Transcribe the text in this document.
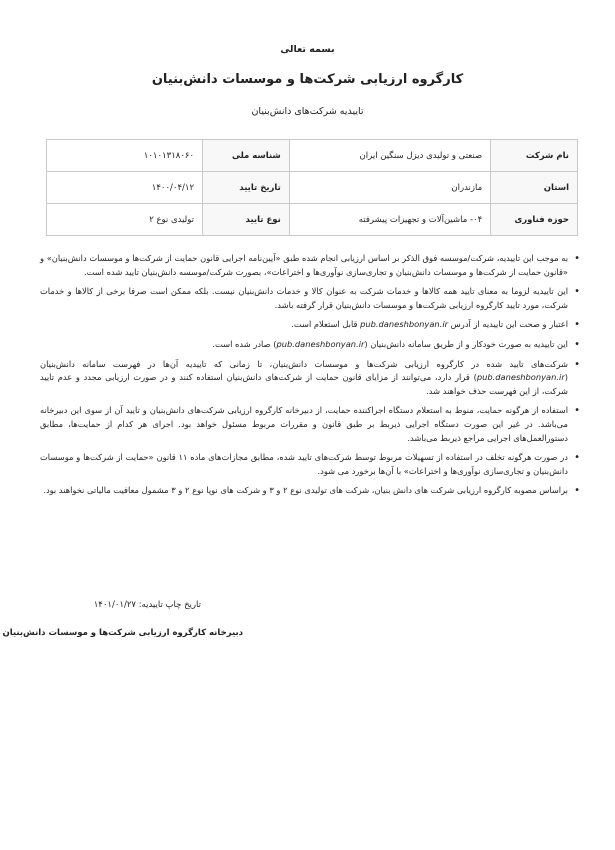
بسمه تعالی
کارگروه ارزیابی شرکت‌ها و موسسات دانش‌بنیان
تاییدیه شرکت‌های دانش‌بنیان
نام شرکت	صنعتی و تولیدی دیزل سنگین ایران	شناسه ملی	۱۰۱۰۱۳۱۸۰۶۰
استان	مازندران	تاریخ تایید	۱۴۰۰/۰۴/۱۲
حوزه فناوری	۰۴- ماشین‌آلات و تجهیزات پیشرفته	نوع تایید	تولیدی نوع ۲
• به موجب این تاییدیه، شرکت/موسسه فوق الذکر بر اساس ارزیابی انجام شده طبق «آیین‌نامه اجرایی قانون حمایت از شرکت‌ها و موسسات دانش‌بنیان» و «قانون حمایت از شرکت‌ها و موسسات دانش‌بنیان و تجاری‌سازی نوآوری‌ها و اختراعات»، بصورت شرکت/موسسه دانش‌بنیان تایید شده است.
• این تاییدیه لزوما به معنای تایید همه کالاها و خدمات شرکت به عنوان کالا و خدمات دانش‌بنیان نیست. بلکه ممکن است صرفا برخی از کالاها و خدمات شرکت، مورد تایید کارگروه ارزیابی شرکت‌ها و موسسات دانش‌بنیان قرار گرفته باشد.
• اعتبار و صحت این تاییدیه از آدرس pub.daneshbonyan.ir قابل استعلام است.
• این تاییدیه به صورت خودکار و از طریق سامانه دانش‌بنیان (pub.daneshbonyan.ir) صادر شده است.
• شرکت‌های تایید شده در کارگروه ارزیابی شرکت‌ها و موسسات دانش‌بنیان، تا زمانی که تاییدیه آن‌ها در فهرست سامانه دانش‌بنیان (pub.daneshbonyan.ir) قرار دارد، می‌توانند از مزایای قانون حمایت از شرکت‌های دانش‌بنیان استفاده کنند و در صورت ارزیابی مجدد و عدم تایید شرکت، از این فهرست حذف خواهند شد.
• استفاده از هرگونه حمایت، منوط به استعلام دستگاه اجراکننده حمایت، از دبیرخانه کارگروه ارزیابی شرکت‌های دانش‌بنیان و تایید آن از سوی این دبیرخانه می‌باشد. در غیر این صورت دستگاه اجرایی ذیربط بر طبق قانون و مقررات مربوط مسئول خواهد بود. اجرای هر کدام از حمایت‌ها، مطابق دستورالعمل‌های اجرایی مراجع ذیربط می‌باشد.
• در صورت هرگونه تخلف در استفاده از تسهیلات مربوط توسط شرکت‌های تایید شده، مطابق مجازات‌های ماده ۱۱ قانون «حمایت از شرکت‌ها و موسسات دانش‌بنیان و تجاری‌سازی نوآوری‌ها و اختراعات» با آن‌ها برخورد می شود.
• براساس مصوبه کارگروه ارزیابی شرکت های دانش بنیان، شرکت های تولیدی نوع ۲ و ۳ و شرکت های نوپا نوع ۲ و ۳ مشمول معافیت مالیاتی نخواهند بود.
تاریخ چاپ تاییدیه: ۱۴۰۱/۰۱/۲۷
دبیرخانه کارگروه ارزیابی شرکت‌ها و موسسات دانش‌بنیان
